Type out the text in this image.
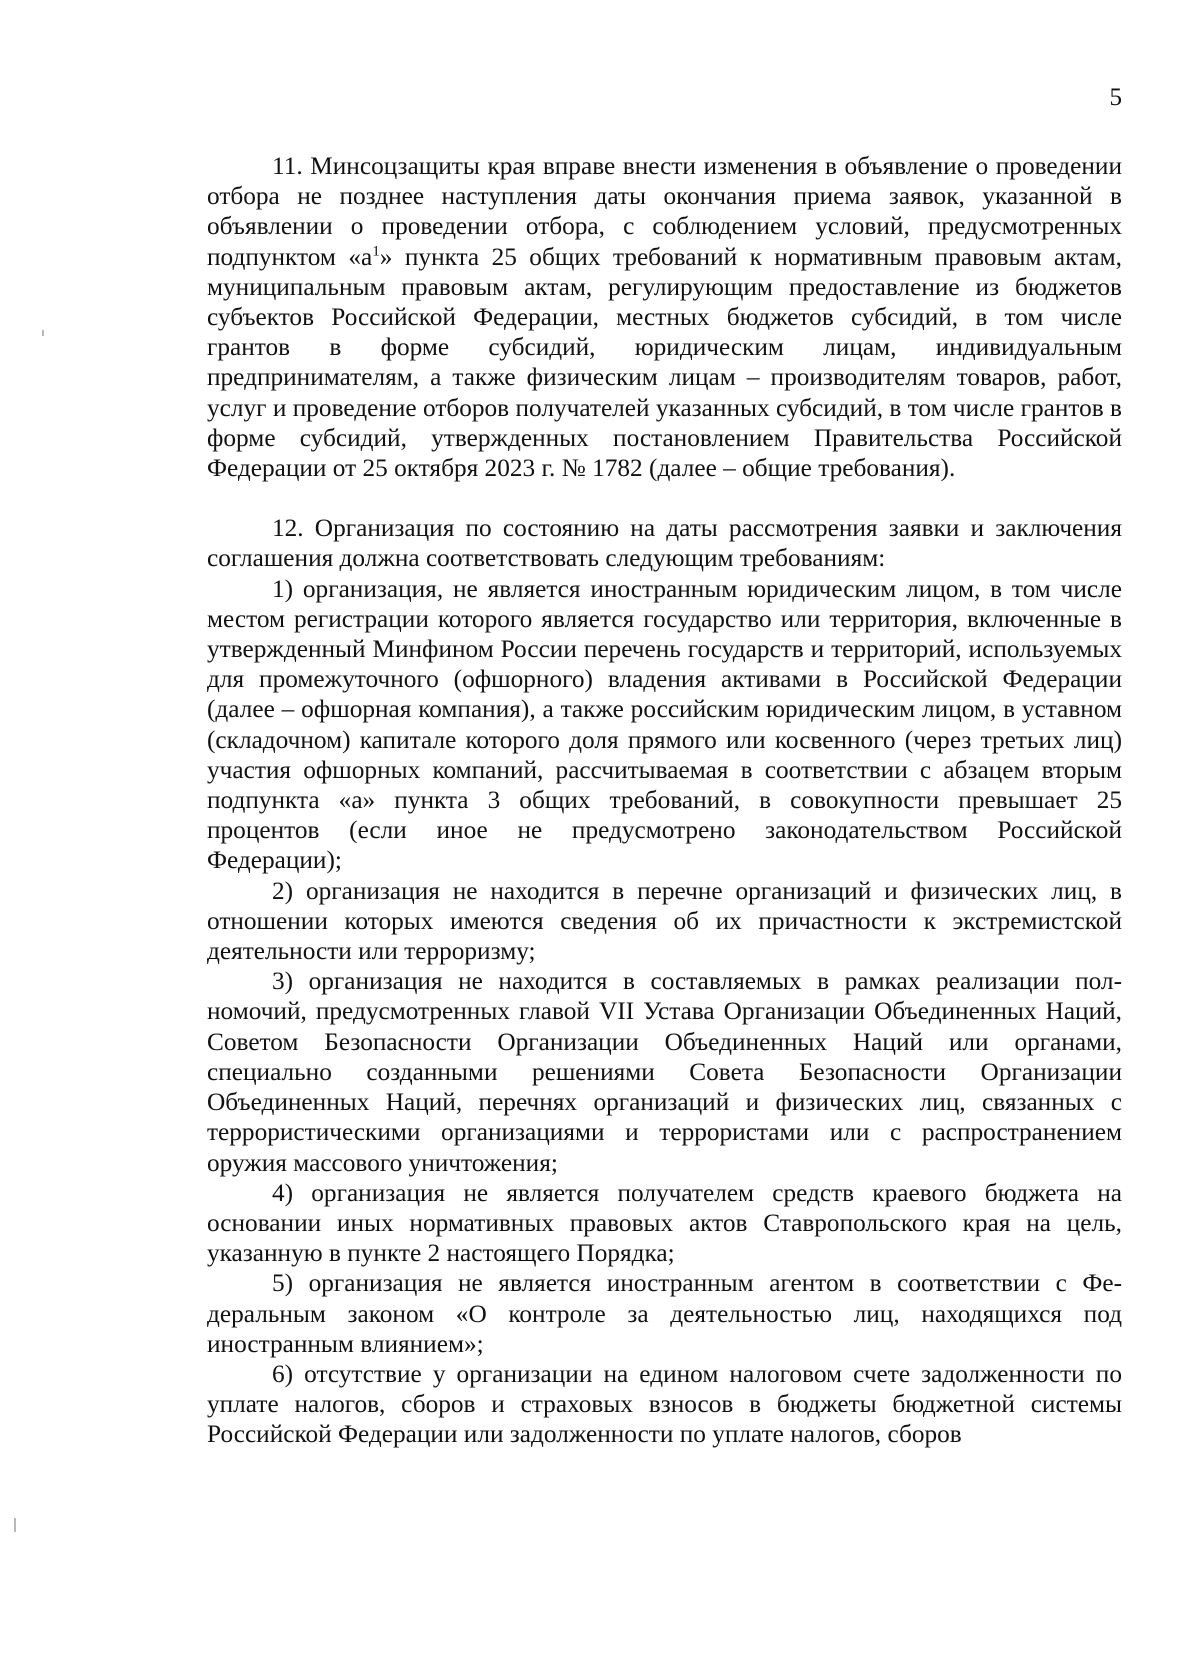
5

11. Минсоцзащиты края вправе внести изменения в объявление о проведении отбора не позднее наступления даты окончания приема заявок, указанной в объявлении о проведении отбора, с соблюдением условий, предусмотренных подпунктом «$а^1$» пункта 25 общих требований к нормативным правовым актам, муниципальным правовым актам, регулирующим предоставление из бюджетов субъектов Российской Федерации, местных бюджетов субсидий, в том числе грантов в форме субсидий, юридическим лицам, индивидуальным предпринимателям, а также физическим лицам – производителям товаров, работ, услуг и проведение отборов получателей указанных субсидий, в том числе грантов в форме субсидий, утвержденных постановлением Правительства Российской Федерации от 25 октября 2023 г. № 1782 (далее – общие требования).

12. Организация по состоянию на даты рассмотрения заявки и заключения соглашения должна соответствовать следующим требованиям:

1) организация, не является иностранным юридическим лицом, в том числе местом регистрации которого является государство или территория, включенные в утвержденный Минфином России перечень государств и территорий, используемых для промежуточного (офшорного) владения активами в Российской Федерации (далее – офшорная компания), а также российским юридическим лицом, в уставном (складочном) капитале которого доля прямого или косвенного (через третьих лиц) участия офшорных компаний, рассчитываемая в соответствии с абзацем вторым подпункта «а» пункта 3 общих требований, в совокупности превышает 25 процентов (если иное не предусмотрено законодательством Российской Федерации);

2) организация не находится в перечне организаций и физических лиц, в отношении которых имеются сведения об их причастности к экстремистской деятельности или терроризму;

3) организация не находится в составляемых в рамках реализации полномочий, предусмотренных главой VII Устава Организации Объединенных Наций, Советом Безопасности Организации Объединенных Наций или органами, специально созданными решениями Совета Безопасности Организации Объединенных Наций, перечнях организаций и физических лиц, связанных с террористическими организациями и террористами или с распространением оружия массового уничтожения;

4) организация не является получателем средств краевого бюджета на основании иных нормативных правовых актов Ставропольского края на цель, указанную в пункте 2 настоящего Порядка;

5) организация не является иностранным агентом в соответствии с Федеральным законом «О контроле за деятельностью лиц, находящихся под иностранным влиянием»;

6) отсутствие у организации на едином налоговом счете задолженности по уплате налогов, сборов и страховых взносов в бюджеты бюджетной системы Российской Федерации или задолженности по уплате налогов, сборов
